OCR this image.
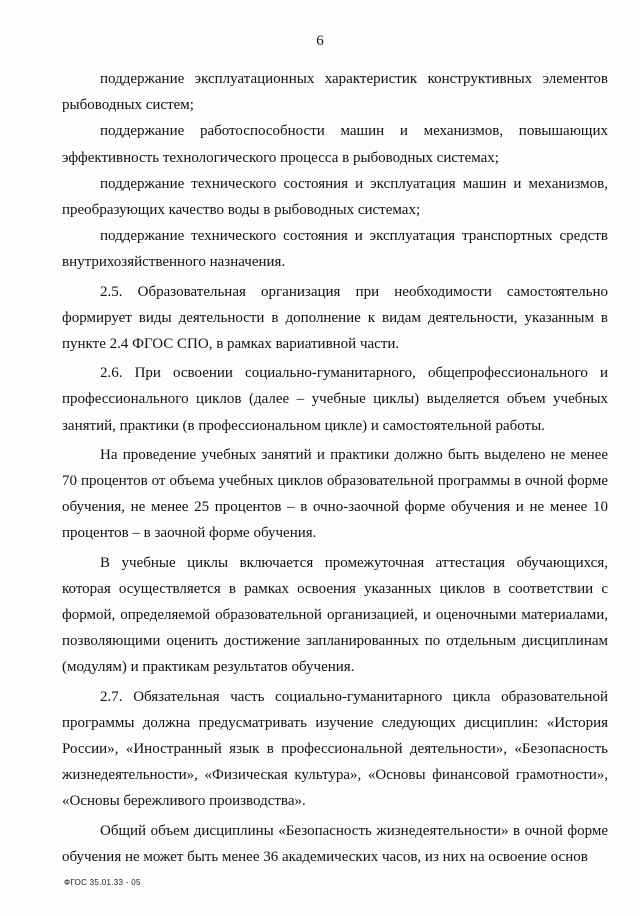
6

поддержание эксплуатационных характеристик конструктивных элементов рыбоводных систем;

поддержание работоспособности машин и механизмов, повышающих эффективность технологического процесса в рыбоводных системах;

поддержание технического состояния и эксплуатация машин и механизмов, преобразующих качество воды в рыбоводных системах;

поддержание технического состояния и эксплуатация транспортных средств внутрихозяйственного назначения.

2.5. Образовательная организация при необходимости самостоятельно формирует виды деятельности в дополнение к видам деятельности, указанным в пункте 2.4 ФГОС СПО, в рамках вариативной части.

2.6. При освоении социально-гуманитарного, общепрофессионального и профессионального циклов (далее – учебные циклы) выделяется объем учебных занятий, практики (в профессиональном цикле) и самостоятельной работы.

На проведение учебных занятий и практики должно быть выделено не менее 70 процентов от объема учебных циклов образовательной программы в очной форме обучения, не менее 25 процентов – в очно-заочной форме обучения и не менее 10 процентов – в заочной форме обучения.

В учебные циклы включается промежуточная аттестация обучающихся, которая осуществляется в рамках освоения указанных циклов в соответствии с формой, определяемой образовательной организацией, и оценочными материалами, позволяющими оценить достижение запланированных по отдельным дисциплинам (модулям) и практикам результатов обучения.

2.7. Обязательная часть социально-гуманитарного цикла образовательной программы должна предусматривать изучение следующих дисциплин: «История России», «Иностранный язык в профессиональной деятельности», «Безопасность жизнедеятельности», «Физическая культура», «Основы финансовой грамотности», «Основы бережливого производства».

Общий объем дисциплины «Безопасность жизнедеятельности» в очной форме обучения не может быть менее 36 академических часов, из них на освоение основ

ФГОС 35.01.33 - 05
